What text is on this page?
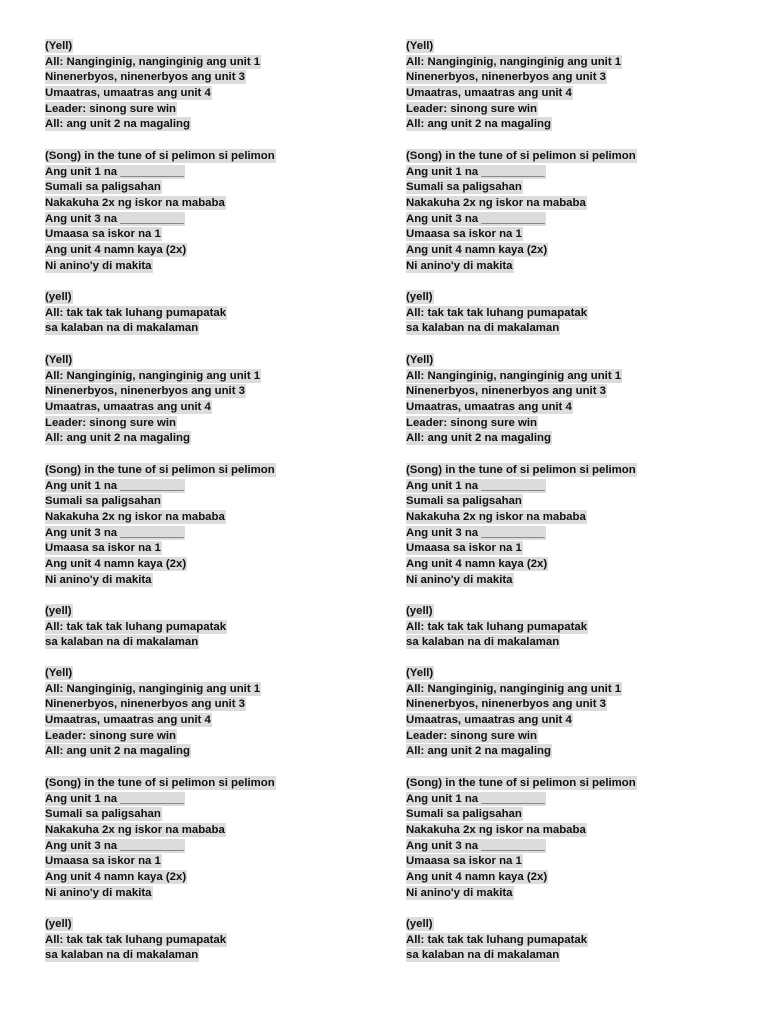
(Yell)
All: Nanginginig, nanginginig ang unit 1
Ninenerbyos, ninenerbyos ang unit 3
Umaatras, umaatras ang unit 4
Leader: sinong sure win
All: ang unit 2 na magaling
(Song) in the tune of si pelimon si pelimon
Ang unit 1 na __________
Sumali sa paligsahan
Nakakuha 2x ng iskor na mababa
Ang unit 3 na __________
Umaasa sa iskor na 1
Ang unit 4 namn kaya (2x)
Ni anino'y di makita
(yell)
All: tak tak tak luhang pumapatak
sa kalaban na di makalaman
(Yell)
All: Nanginginig, nanginginig ang unit 1
Ninenerbyos, ninenerbyos ang unit 3
Umaatras, umaatras ang unit 4
Leader: sinong sure win
All: ang unit 2 na magaling
(Song) in the tune of si pelimon si pelimon
Ang unit 1 na __________
Sumali sa paligsahan
Nakakuha 2x ng iskor na mababa
Ang unit 3 na __________
Umaasa sa iskor na 1
Ang unit 4 namn kaya (2x)
Ni anino'y di makita
(yell)
All: tak tak tak luhang pumapatak
sa kalaban na di makalaman
(Yell)
All: Nanginginig, nanginginig ang unit 1
Ninenerbyos, ninenerbyos ang unit 3
Umaatras, umaatras ang unit 4
Leader: sinong sure win
All: ang unit 2 na magaling
(Song) in the tune of si pelimon si pelimon
Ang unit 1 na __________
Sumali sa paligsahan
Nakakuha 2x ng iskor na mababa
Ang unit 3 na __________
Umaasa sa iskor na 1
Ang unit 4 namn kaya (2x)
Ni anino'y di makita
(yell)
All: tak tak tak luhang pumapatak
sa kalaban na di makalaman
(Yell)
All: Nanginginig, nanginginig ang unit 1
Ninenerbyos, ninenerbyos ang unit 3
Umaatras, umaatras ang unit 4
Leader: sinong sure win
All: ang unit 2 na magaling
(Song) in the tune of si pelimon si pelimon
Ang unit 1 na __________
Sumali sa paligsahan
Nakakuha 2x ng iskor na mababa
Ang unit 3 na __________
Umaasa sa iskor na 1
Ang unit 4 namn kaya (2x)
Ni anino'y di makita
(yell)
All: tak tak tak luhang pumapatak
sa kalaban na di makalaman
(Yell)
All: Nanginginig, nanginginig ang unit 1
Ninenerbyos, ninenerbyos ang unit 3
Umaatras, umaatras ang unit 4
Leader: sinong sure win
All: ang unit 2 na magaling
(Song) in the tune of si pelimon si pelimon
Ang unit 1 na __________
Sumali sa paligsahan
Nakakuha 2x ng iskor na mababa
Ang unit 3 na __________
Umaasa sa iskor na 1
Ang unit 4 namn kaya (2x)
Ni anino'y di makita
(yell)
All: tak tak tak luhang pumapatak
sa kalaban na di makalaman
(Yell)
All: Nanginginig, nanginginig ang unit 1
Ninenerbyos, ninenerbyos ang unit 3
Umaatras, umaatras ang unit 4
Leader: sinong sure win
All: ang unit 2 na magaling
(Song) in the tune of si pelimon si pelimon
Ang unit 1 na __________
Sumali sa paligsahan
Nakakuha 2x ng iskor na mababa
Ang unit 3 na __________
Umaasa sa iskor na 1
Ang unit 4 namn kaya (2x)
Ni anino'y di makita
(yell)
All: tak tak tak luhang pumapatak
sa kalaban na di makalaman
